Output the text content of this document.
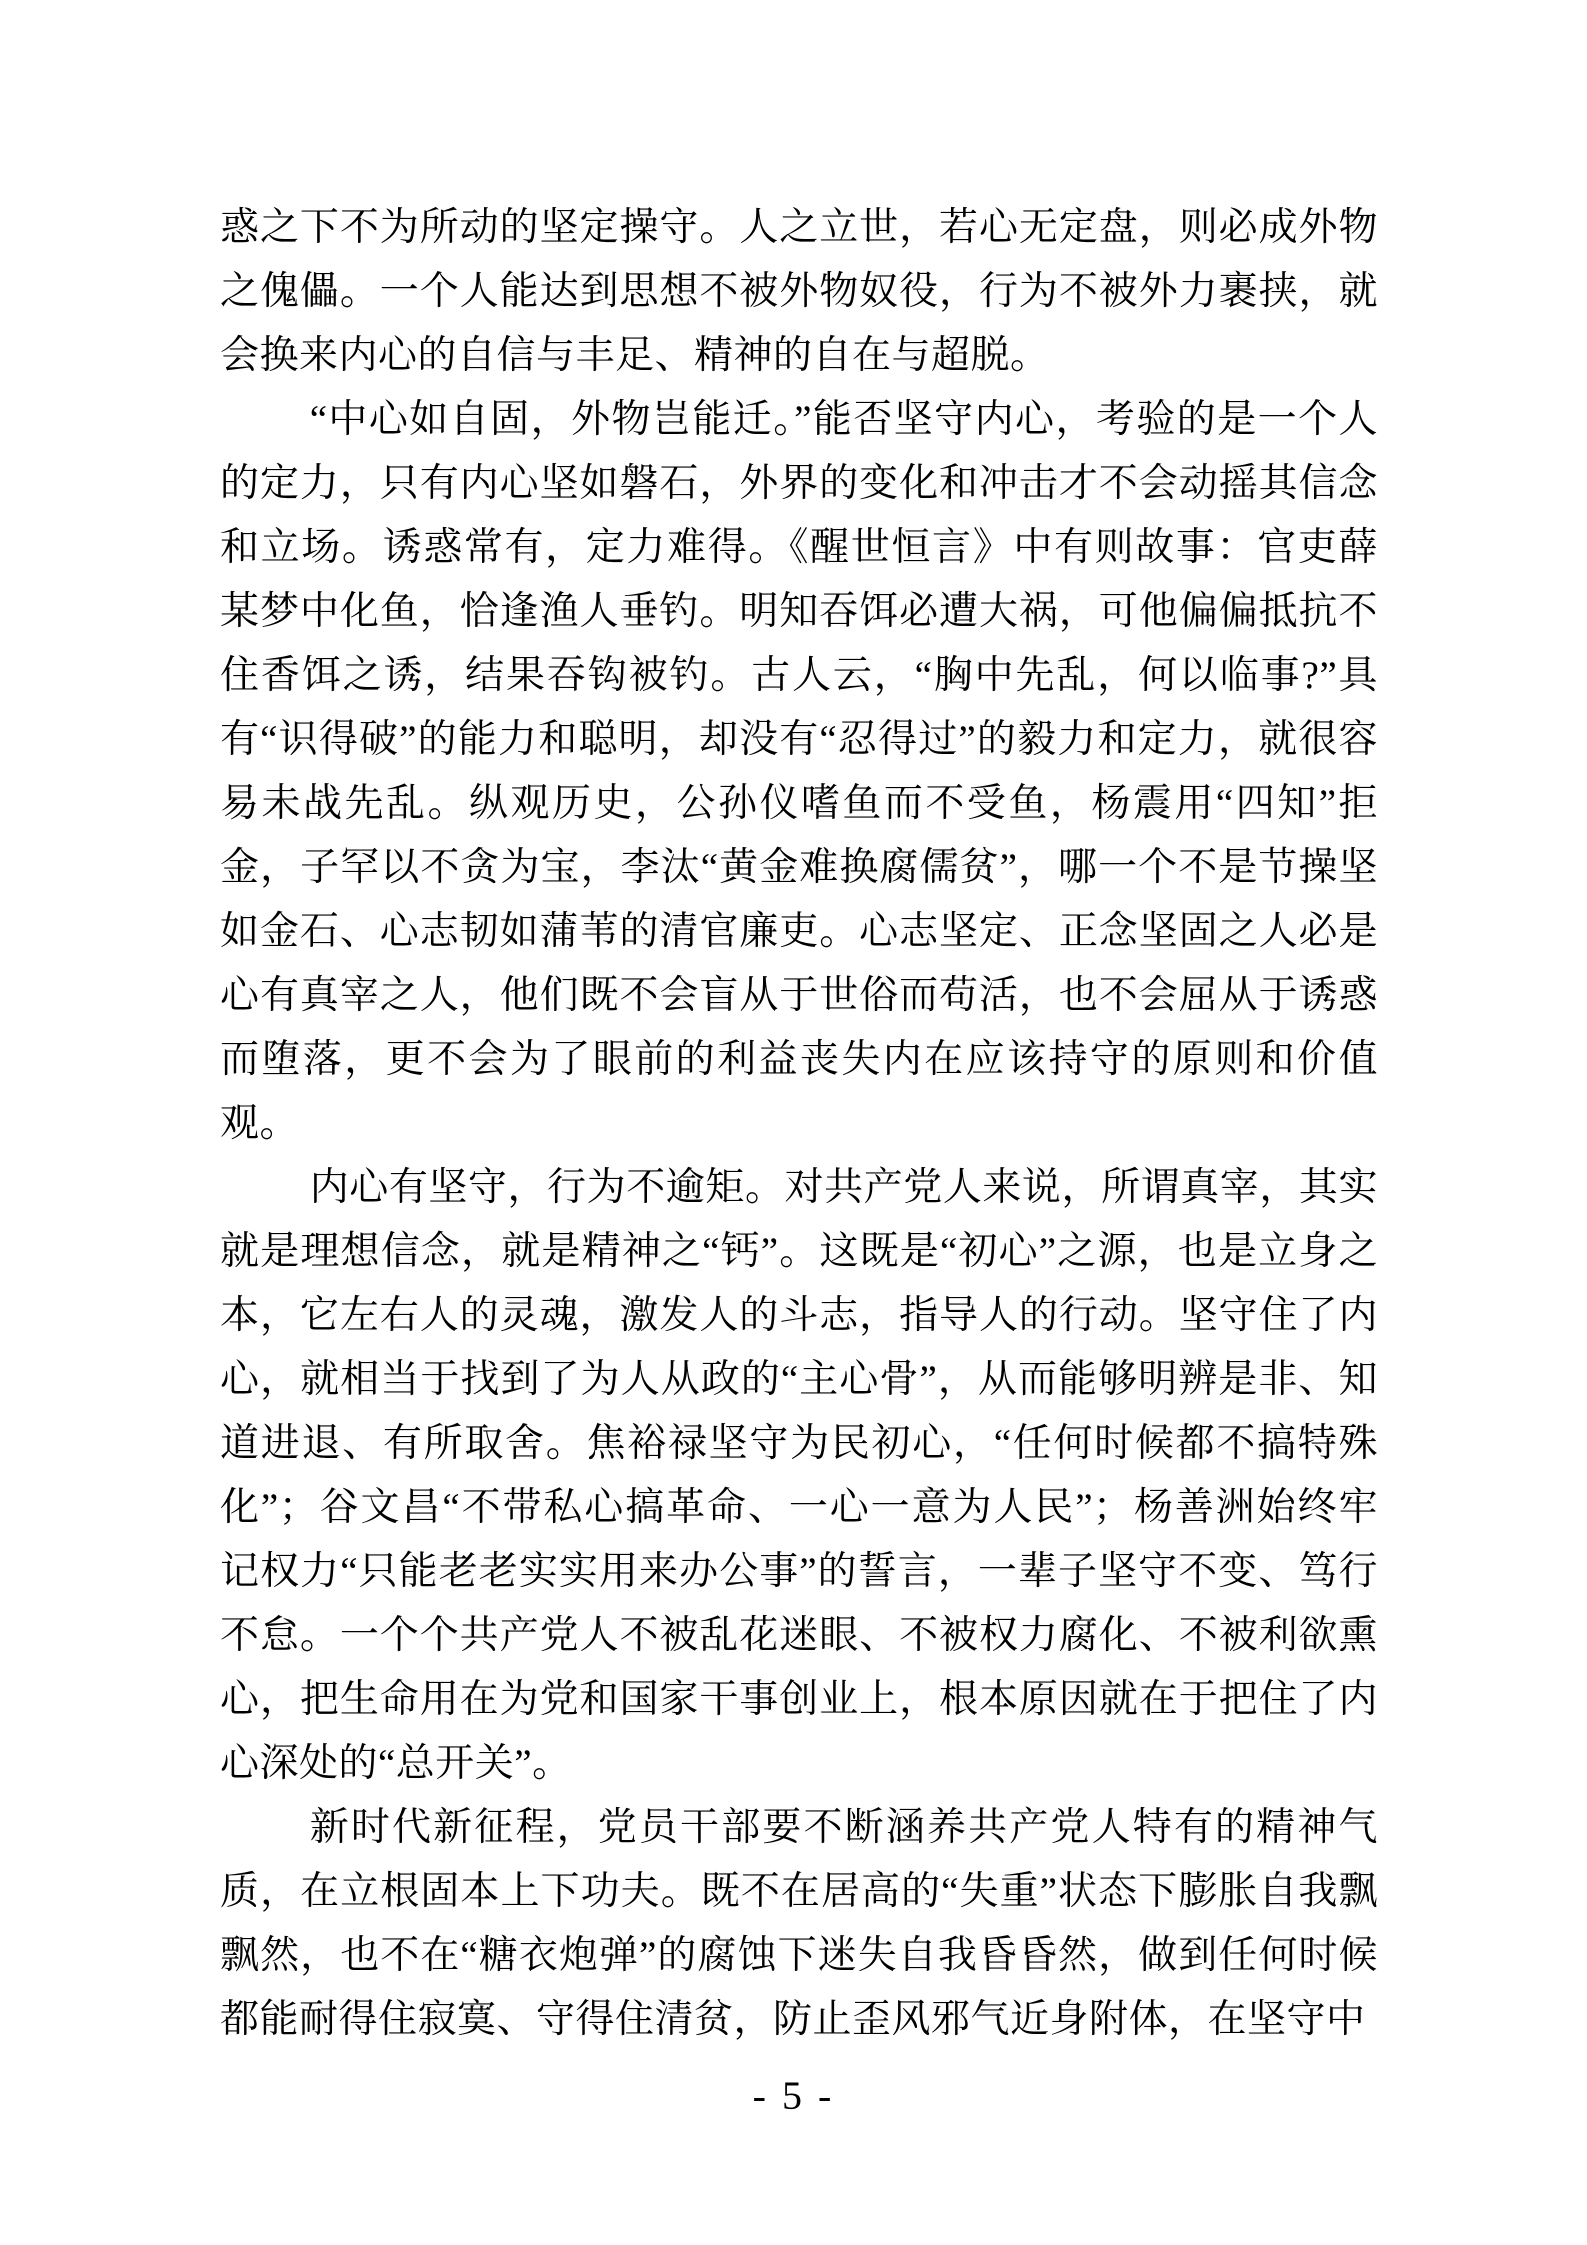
惑之下不为所动的坚定操守。人之立世，若心无定盘，则必成外物之傀儡。一个人能达到思想不被外物奴役，行为不被外力裹挟，就会换来内心的自信与丰足、精神的自在与超脱。

“中心如自固，外物岂能迁。”能否坚守内心，考验的是一个人的定力，只有内心坚如磐石，外界的变化和冲击才不会动摇其信念和立场。诱惑常有，定力难得。《醒世恒言》中有则故事：官吏薛某梦中化鱼，恰逢渔人垂钓。明知吞饵必遭大祸，可他偏偏抵抗不住香饵之诱，结果吞钩被钓。古人云，“胸中先乱，何以临事?”具有“识得破”的能力和聪明，却没有“忍得过”的毅力和定力，就很容易未战先乱。纵观历史，公孙仪嗜鱼而不受鱼，杨震用“四知”拒金，子罕以不贪为宝，李汰“黄金难换腐儒贫”，哪一个不是节操坚如金石、心志韧如蒲苇的清官廉吏。心志坚定、正念坚固之人必是心有真宰之人，他们既不会盲从于世俗而苟活，也不会屈从于诱惑而堕落，更不会为了眼前的利益丧失内在应该持守的原则和价值观。

内心有坚守，行为不逾矩。对共产党人来说，所谓真宰，其实就是理想信念，就是精神之“钙”。这既是“初心”之源，也是立身之本，它左右人的灵魂，激发人的斗志，指导人的行动。坚守住了内心，就相当于找到了为人从政的“主心骨”，从而能够明辨是非、知道进退、有所取舍。焦裕禄坚守为民初心，“任何时候都不搞特殊化”；谷文昌“不带私心搞革命、一心一意为人民”；杨善洲始终牢记权力“只能老老实实用来办公事”的誓言，一辈子坚守不变、笃行不怠。一个个共产党人不被乱花迷眼、不被权力腐化、不被利欲熏心，把生命用在为党和国家干事创业上，根本原因就在于把住了内心深处的“总开关”。

新时代新征程，党员干部要不断涵养共产党人特有的精神气质，在立根固本上下功夫。既不在居高的“失重”状态下膨胀自我飘飘然，也不在“糖衣炮弹”的腐蚀下迷失自我昏昏然，做到任何时候都能耐得住寂寞、守得住清贫，防止歪风邪气近身附体，在坚守中

- 5 -
